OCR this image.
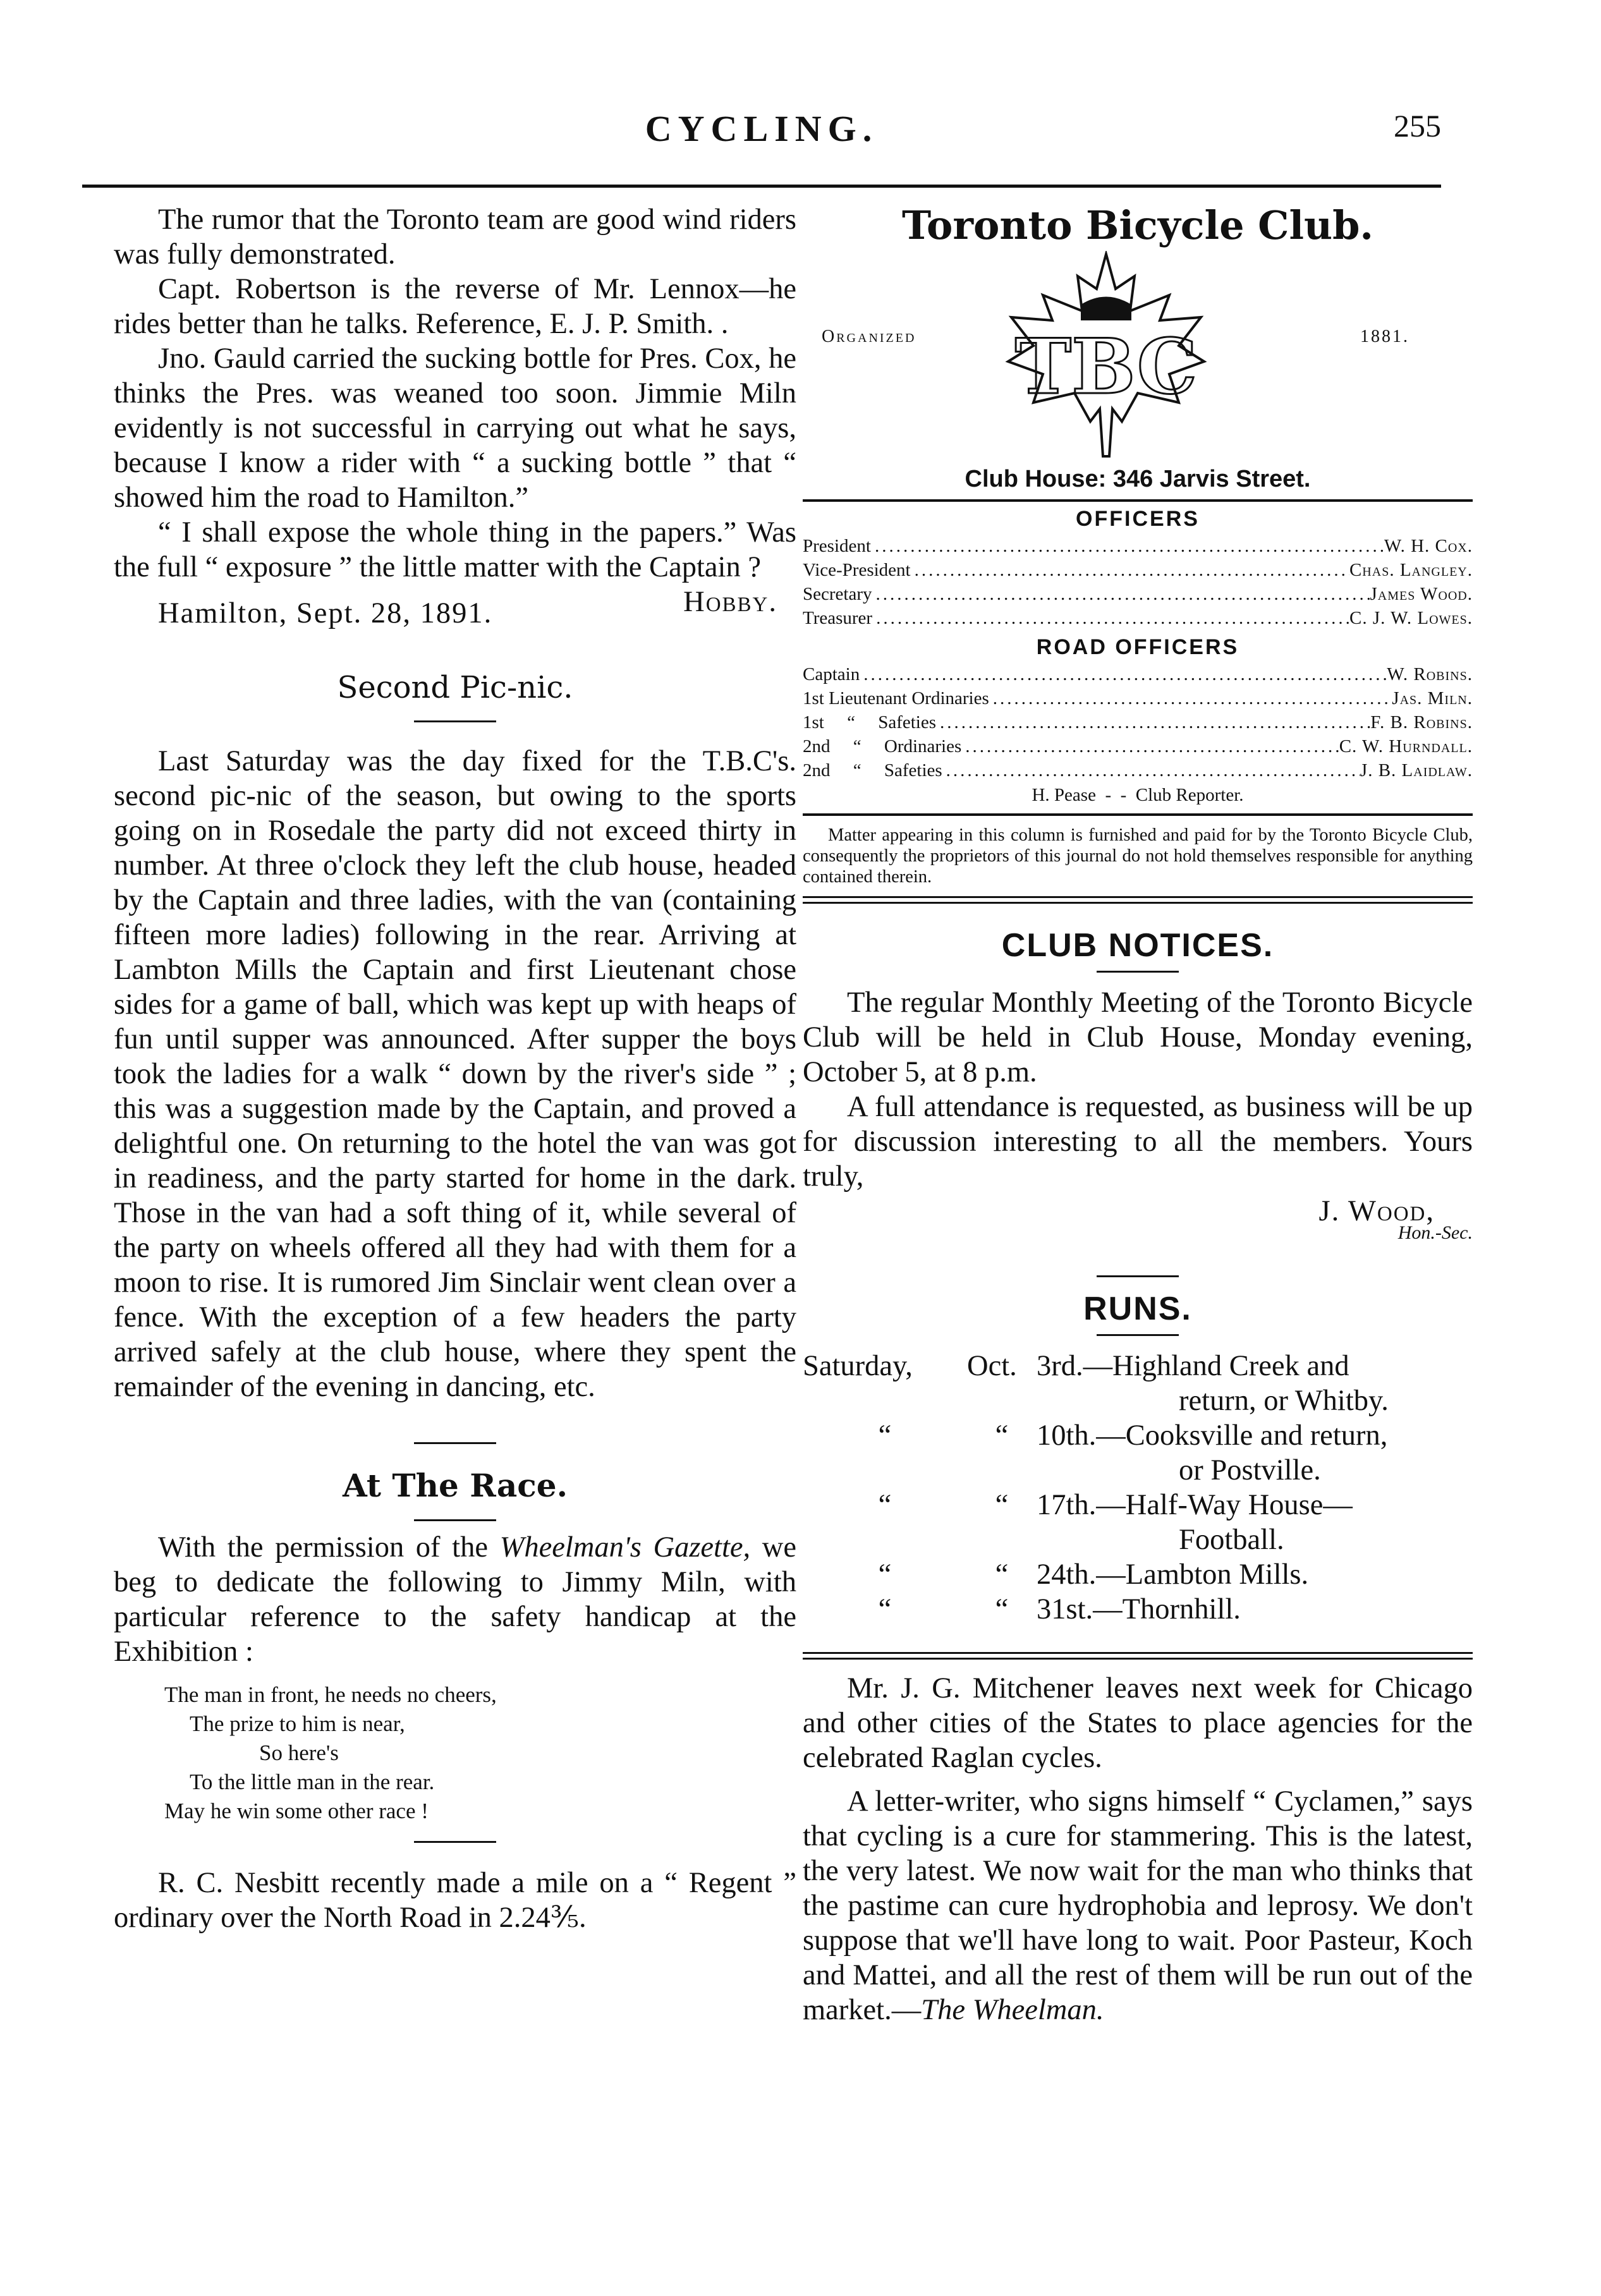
CYCLING.	255

The rumor that the Toronto team are good wind riders was fully demonstrated.

Capt. Robertson is the reverse of Mr. Lennox—he rides better than he talks. Reference, E. J. P. Smith. .

Jno. Gauld carried the sucking bottle for Pres. Cox, he thinks the Pres. was weaned too soon. Jimmie Miln evidently is not successful in carrying out what he says, because I know a rider with “ a sucking bottle ” that “ showed him the road to Hamilton.”

“ I shall expose the whole thing in the papers.” Was the full “ exposure ” the little matter with the Captain ?
Hobby.

Hamilton, Sept. 28, 1891.

Second Pic-nic.

Last Saturday was the day fixed for the T.B.C's. second pic-nic of the season, but owing to the sports going on in Rosedale the party did not exceed thirty in number. At three o'clock they left the club house, headed by the Captain and three ladies, with the van (containing fifteen more ladies) following in the rear. Arriving at Lambton Mills the Captain and first Lieutenant chose sides for a game of ball, which was kept up with heaps of fun until supper was announced. After supper the boys took the ladies for a walk “ down by the river's side ” ; this was a suggestion made by the Captain, and proved a delightful one. On returning to the hotel the van was got in readiness, and the party started for home in the dark. Those in the van had a soft thing of it, while several of the party on wheels offered all they had with them for a moon to rise. It is rumored Jim Sinclair went clean over a fence. With the exception of a few headers the party arrived safely at the club house, where they spent the remainder of the evening in dancing, etc.

At The Race.

With the permission of the Wheelman's Gazette, we beg to dedicate the following to Jimmy Miln, with particular reference to the safety handicap at the Exhibition :

The man in front, he needs no cheers,
The prize to him is near,
So here's
To the little man in the rear.
May he win some other race !

R. C. Nesbitt recently made a mile on a “ Regent ” ordinary over the North Road in 2.24⅗.

Toronto Bicycle Club.
Organized TBC	1881.
Club House: 346 Jarvis Street.
OFFICERS
President .....	W. H. Cox.
Vice-President .....	Chas. Langley.
Secretary .....	James Wood.
Treasurer .....	C. J. W. Lowes.
ROAD OFFICERS
Captain .....	W. Robins.
1st Lieutenant Ordinaries .....	Jas. Miln.
1st     “     Safeties .....	F. B. Robins.
2nd     “     Ordinaries .....	C. W. Hurndall.
2nd     “     Safeties .....	J. B. Laidlaw.
H. Pease  -  -  Club Reporter.

Matter appearing in this column is furnished and paid for by the Toronto Bicycle Club, consequently the proprietors of this journal do not hold themselves responsible for anything contained therein.

CLUB NOTICES.

The regular Monthly Meeting of the Toronto Bicycle Club will be held in Club House, Monday evening, October 5, at 8 p.m.

A full attendance is requested, as business will be up for discussion interesting to all the members. Yours truly,

J. Wood,
Hon.-Sec.
RUNS.
Saturday,	Oct. 3rd.—Highland Creek and
return, or Whitby.
“	“ 10th.—Cooksville and return,
or Postville.
“	“ 17th.—Half-Way House—
Football.
“	“ 24th.—Lambton Mills.
“	“ 31st.—Thornhill.

Mr. J. G. Mitchener leaves next week for Chicago and other cities of the States to place agencies for the celebrated Raglan cycles.

A letter-writer, who signs himself “ Cyclamen,” says that cycling is a cure for stammering. This is the latest, the very latest. We now wait for the man who thinks that the pastime can cure hydrophobia and leprosy. We don't suppose that we'll have long to wait. Poor Pasteur, Koch and Mattei, and all the rest of them will be run out of the market.—The Wheelman.
